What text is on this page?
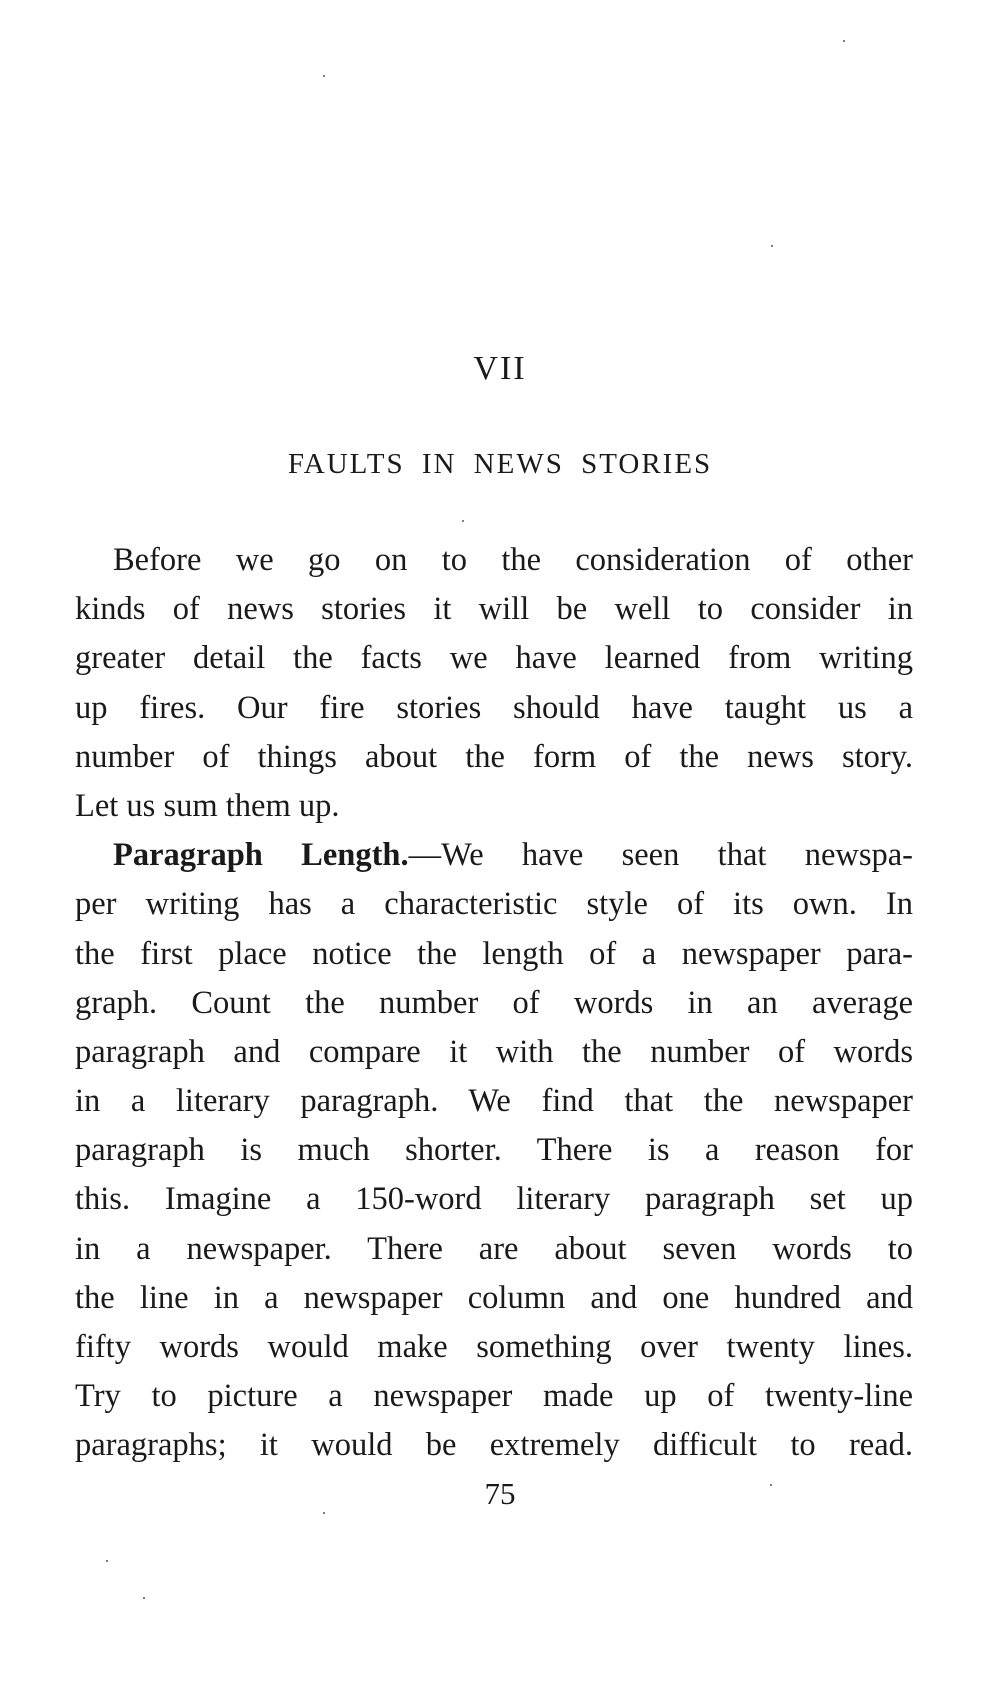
VII
FAULTS IN NEWS STORIES
Before we go on to the consideration of other
kinds of news stories it will be well to consider in
greater detail the facts we have learned from writing
up fires. Our fire stories should have taught us a
number of things about the form of the news story.
Let us sum them up.
Paragraph Length.—We have seen that newspa-
per writing has a characteristic style of its own. In
the first place notice the length of a newspaper para-
graph. Count the number of words in an average
paragraph and compare it with the number of words
in a literary paragraph. We find that the newspaper
paragraph is much shorter. There is a reason for
this. Imagine a 150-word literary paragraph set up
in a newspaper. There are about seven words to
the line in a newspaper column and one hundred and
fifty words would make something over twenty lines.
Try to picture a newspaper made up of twenty-line
paragraphs; it would be extremely difficult to read.
75
